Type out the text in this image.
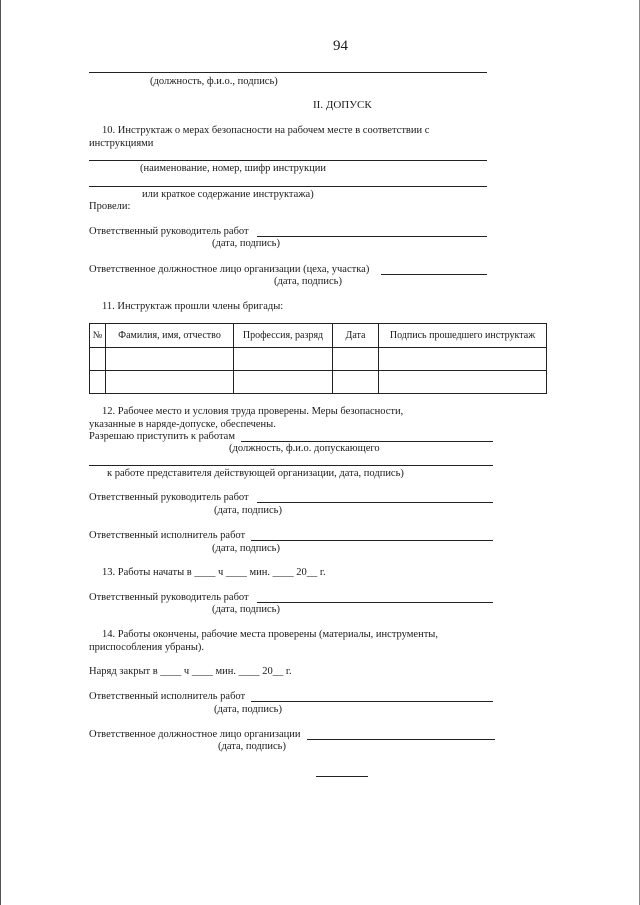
94
(должность, ф.и.о., подпись)
II. ДОПУСК
10. Инструктаж о мерах безопасности на рабочем месте в соответствии с
инструкциями
(наименование, номер, шифр инструкции
или краткое содержание инструктажа)
Провели:
Ответственный руководитель работ
(дата, подпись)
Ответственное должностное лицо организации (цеха, участка)
(дата, подпись)
11. Инструктаж прошли члены бригады:
№	Фамилия, имя, отчество	Профессия, разряд	Дата	Подпись прошедшего инструктаж

12. Рабочее место и условия труда проверены. Меры безопасности,
указанные в наряде-допуске, обеспечены.
Разрешаю приступить к работам
(должность, ф.и.о. допускающего
к работе представителя действующей организации, дата, подпись)
Ответственный руководитель работ
(дата, подпись)
Ответственный исполнитель работ
(дата, подпись)
13. Работы начаты в ____ ч ____ мин. ____ 20__ г.
Ответственный руководитель работ
(дата, подпись)
14. Работы окончены, рабочие места проверены (материалы, инструменты,
приспособления убраны).
Наряд закрыт в ____ ч ____ мин. ____ 20__ г.
Ответственный исполнитель работ
(дата, подпись)
Ответственное должностное лицо организации
(дата, подпись)
